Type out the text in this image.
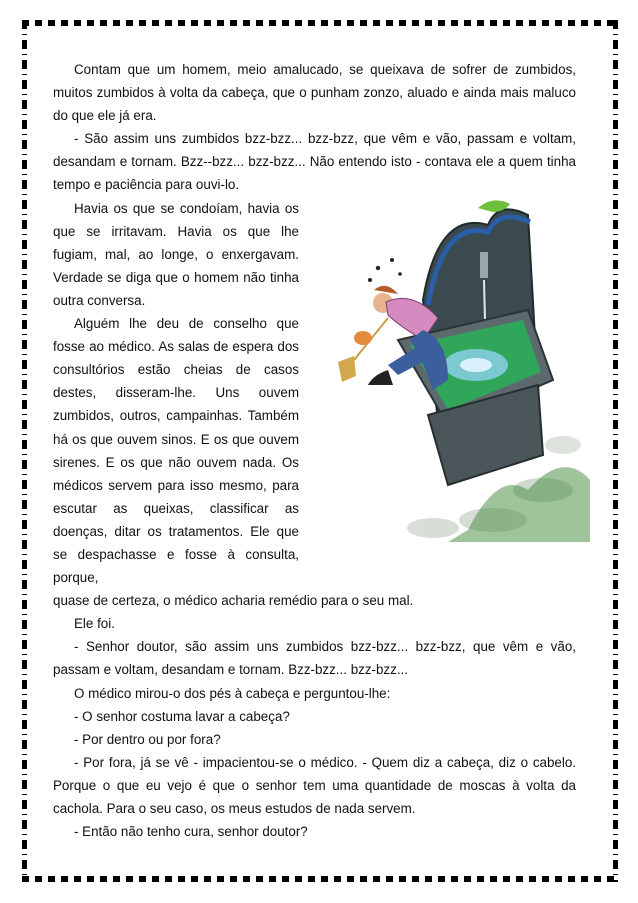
Contam que um homem, meio amalucado, se queixava de sofrer de zumbidos, muitos zumbidos à volta da cabeça, que o punham zonzo, aluado e ainda mais maluco do que ele já era.

- São assim uns zumbidos bzz-bzz... bzz-bzz, que vêm e vão, passam e voltam, desandam e tornam. Bzz--bzz... bzz-bzz... Não entendo isto - contava ele a quem tinha tempo e paciência para ouvi-lo.

Havia os que se condoíam, havia os que se irritavam. Havia os que lhe fugiam, mal, ao longe, o enxergavam. Verdade se diga que o homem não tinha outra conversa.

Alguém lhe deu de conselho que fosse ao médico. As salas de espera dos consultórios estão cheias de casos destes, disseram-lhe. Uns ouvem zumbidos, outros, campainhas. Também há os que ouvem sinos. E os que ouvem sirenes. E os que não ouvem nada. Os médicos servem para isso mesmo, para escutar as queixas, classificar as doenças, ditar os tratamentos. Ele que se despachasse e fosse à consulta, porque,

quase de certeza, o médico acharia remédio para o seu mal.

Ele foi.

- Senhor doutor, são assim uns zumbidos bzz-bzz... bzz-bzz, que vêm e vão, passam e voltam, desandam e tornam. Bzz-bzz... bzz-bzz...

O médico mirou-o dos pés à cabeça e perguntou-lhe:

- O senhor costuma lavar a cabeça?

- Por dentro ou por fora?

- Por fora, já se vê - impacientou-se o médico. - Quem diz a cabeça, diz o cabelo. Porque o que eu vejo é que o senhor tem uma quantidade de moscas à volta da cachola. Para o seu caso, os meus estudos de nada servem.

- Então não tenho cura, senhor doutor?
